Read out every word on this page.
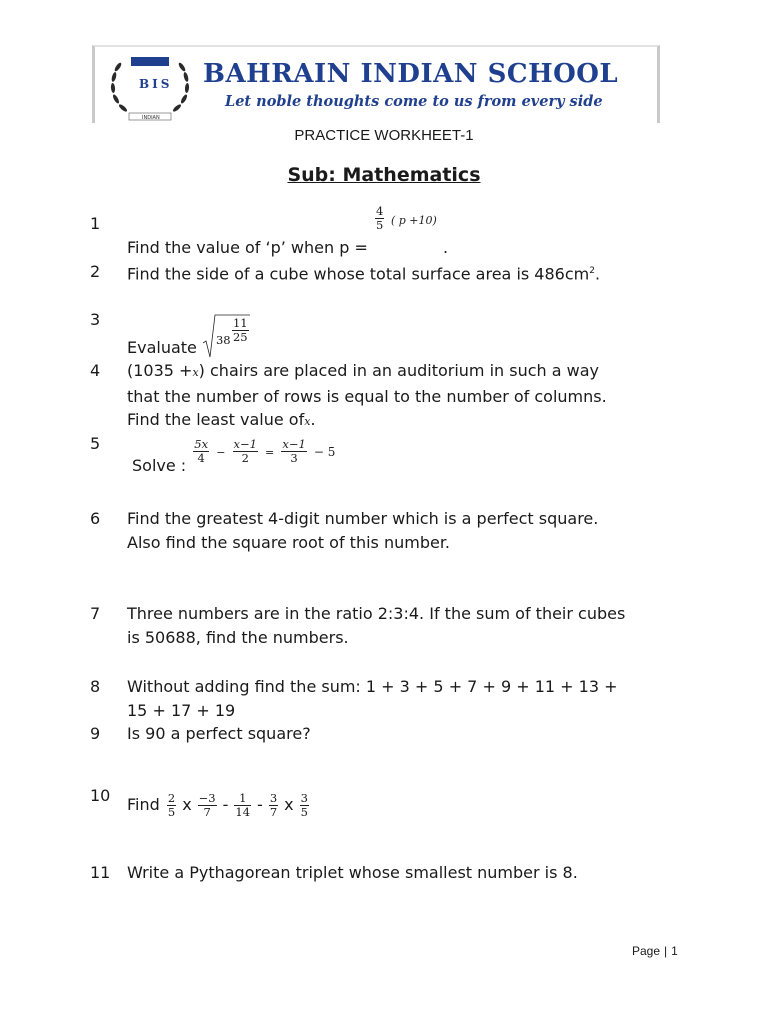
BIS
INDIAN
BAHRAIN INDIAN SCHOOL
Let noble thoughts come to us from every side
PRACTICE WORKHEET-1
Sub: Mathematics
1
Find the value of ‘p’ when p =
$\frac{4}{5}$ ( p +10)
.
2 Find the side of a cube whose total surface area is $486cm^2$.
3
Evaluate $38 \frac{11}{25}$
4 (1035 +x) chairs are placed in an auditorium in such a way
that the number of rows is equal to the number of columns.
Find the least value ofx.
5
Solve :
$\frac{5x}{4} - \frac{x-1}{2} = \frac{x-1}{3} - 5$
6 Find the greatest 4-digit number which is a perfect square.
Also find the square root of this number.
7 Three numbers are in the ratio 2:3:4. If the sum of their cubes
is 50688, find the numbers.
8 Without adding find the sum: 1 + 3 + 5 + 7 + 9 + 11 + 13 +
15 + 17 + 19
9 Is 90 a perfect square?
10 Find $\frac{2}{5}$ x $\frac{-3}{7} - \frac{1}{14} - \frac{3}{7}$ x $\frac{3}{5}$
11 Write a Pythagorean triplet whose smallest number is 8.
Page | 1
